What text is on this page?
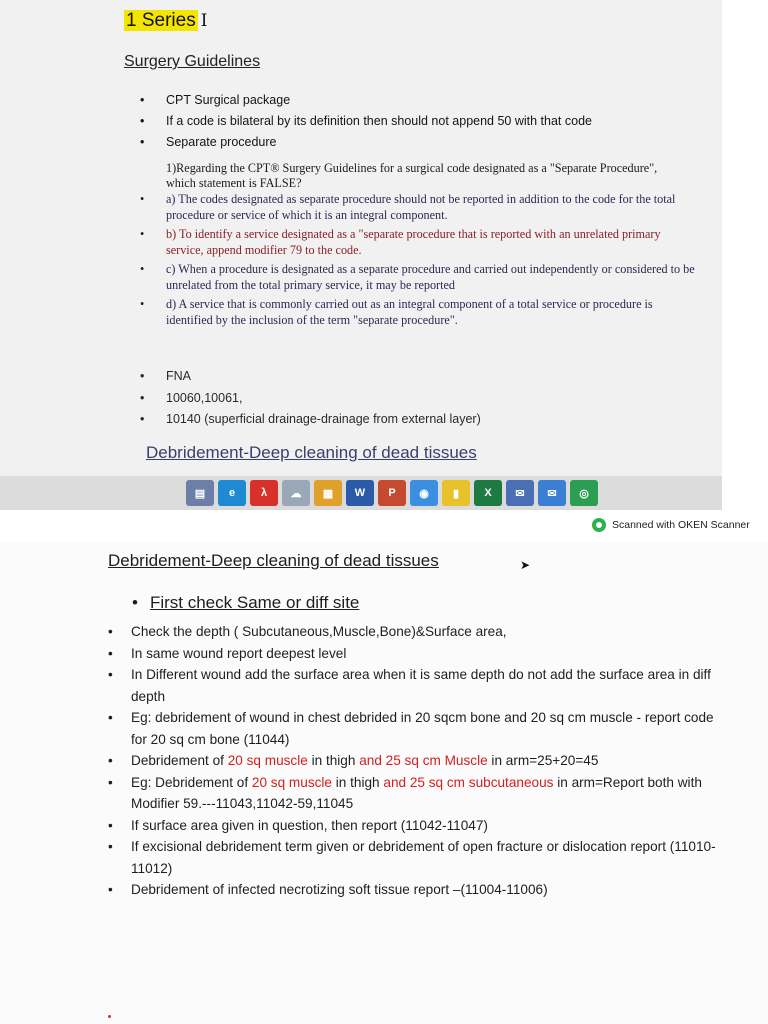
1 Series I
Surgery Guidelines
• CPT Surgical package
• If a code is bilateral by its definition then should not append 50 with that code
• Separate procedure
1)Regarding the CPT® Surgery Guidelines for a surgical code designated as a "Separate Procedure", which statement is FALSE?
• a) The codes designated as separate procedure should not be reported in addition to the code for the total procedure or service of which it is an integral component.
• b) To identify a service designated as a "separate procedure that is reported with an unrelated primary service, append modifier 79 to the code.
• c) When a procedure is designated as a separate procedure and carried out independently or considered to be unrelated from the total primary service, it may be reported
• d) A service that is commonly carried out as an integral component of a total service or procedure is identified by the inclusion of the term "separate procedure".
• FNA
• 10060,10061,
• 10140 (superficial drainage-drainage from external layer)
Debridement-Deep cleaning of dead tissues
▤	e	λ	☁	▦	W	P	◉	▮	X	✉	✉	◎
Scanned with OKEN Scanner
Debridement-Deep cleaning of dead tissues	➤
• First check Same or diff site
• Check the depth ( Subcutaneous,Muscle,Bone)&Surface area,
• In same wound report deepest level
• In Different wound add the surface area when it is same depth do not add the surface area in diff depth
• Eg: debridement of wound in chest debrided in 20 sqcm bone and 20 sq cm muscle - report code for 20 sq cm bone (11044)
• Debridement of 20 sq muscle in thigh and 25 sq cm Muscle in arm=25+20=45
• Eg: Debridement of 20 sq muscle in thigh and 25 sq cm subcutaneous in arm=Report both with Modifier 59.---11043,11042-59,11045
• If surface area given in question, then report (11042-11047)
• If excisional debridement term given or debridement of open fracture or dislocation report (11010-11012)
• Debridement of infected necrotizing soft tissue report –(11004-11006)
